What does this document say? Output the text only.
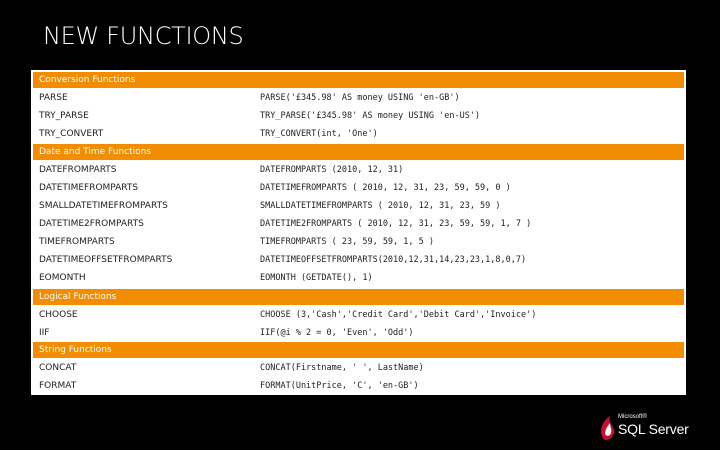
NEW FUNCTIONS
Conversion Functions
PARSE	PARSE('£345.98' AS money USING 'en-GB')
TRY_PARSE	TRY_PARSE('£345.98' AS money USING 'en-US')
TRY_CONVERT	TRY_CONVERT(int, 'One')
Date and Time Functions
DATEFROMPARTS	DATEFROMPARTS (2010, 12, 31)
DATETIMEFROMPARTS	DATETIMEFROMPARTS ( 2010, 12, 31, 23, 59, 59, 0 )
SMALLDATETIMEFROMPARTS	SMALLDATETIMEFROMPARTS ( 2010, 12, 31, 23, 59 )
DATETIME2FROMPARTS	DATETIME2FROMPARTS ( 2010, 12, 31, 23, 59, 59, 1, 7 )
TIMEFROMPARTS	TIMEFROMPARTS ( 23, 59, 59, 1, 5 )
DATETIMEOFFSETFROMPARTS	DATETIMEOFFSETFROMPARTS(2010,12,31,14,23,23,1,8,0,7)
EOMONTH	EOMONTH (GETDATE(), 1)
Logical Functions
CHOOSE	CHOOSE (3,'Cash','Credit Card','Debit Card','Invoice')
IIF	IIF(@i % 2 = 0, 'Even', 'Odd')
String Functions
CONCAT	CONCAT(Firstname, ' ', LastName)
FORMAT	FORMAT(UnitPrice, 'C', 'en-GB')
Microsoft®
SQL Server
